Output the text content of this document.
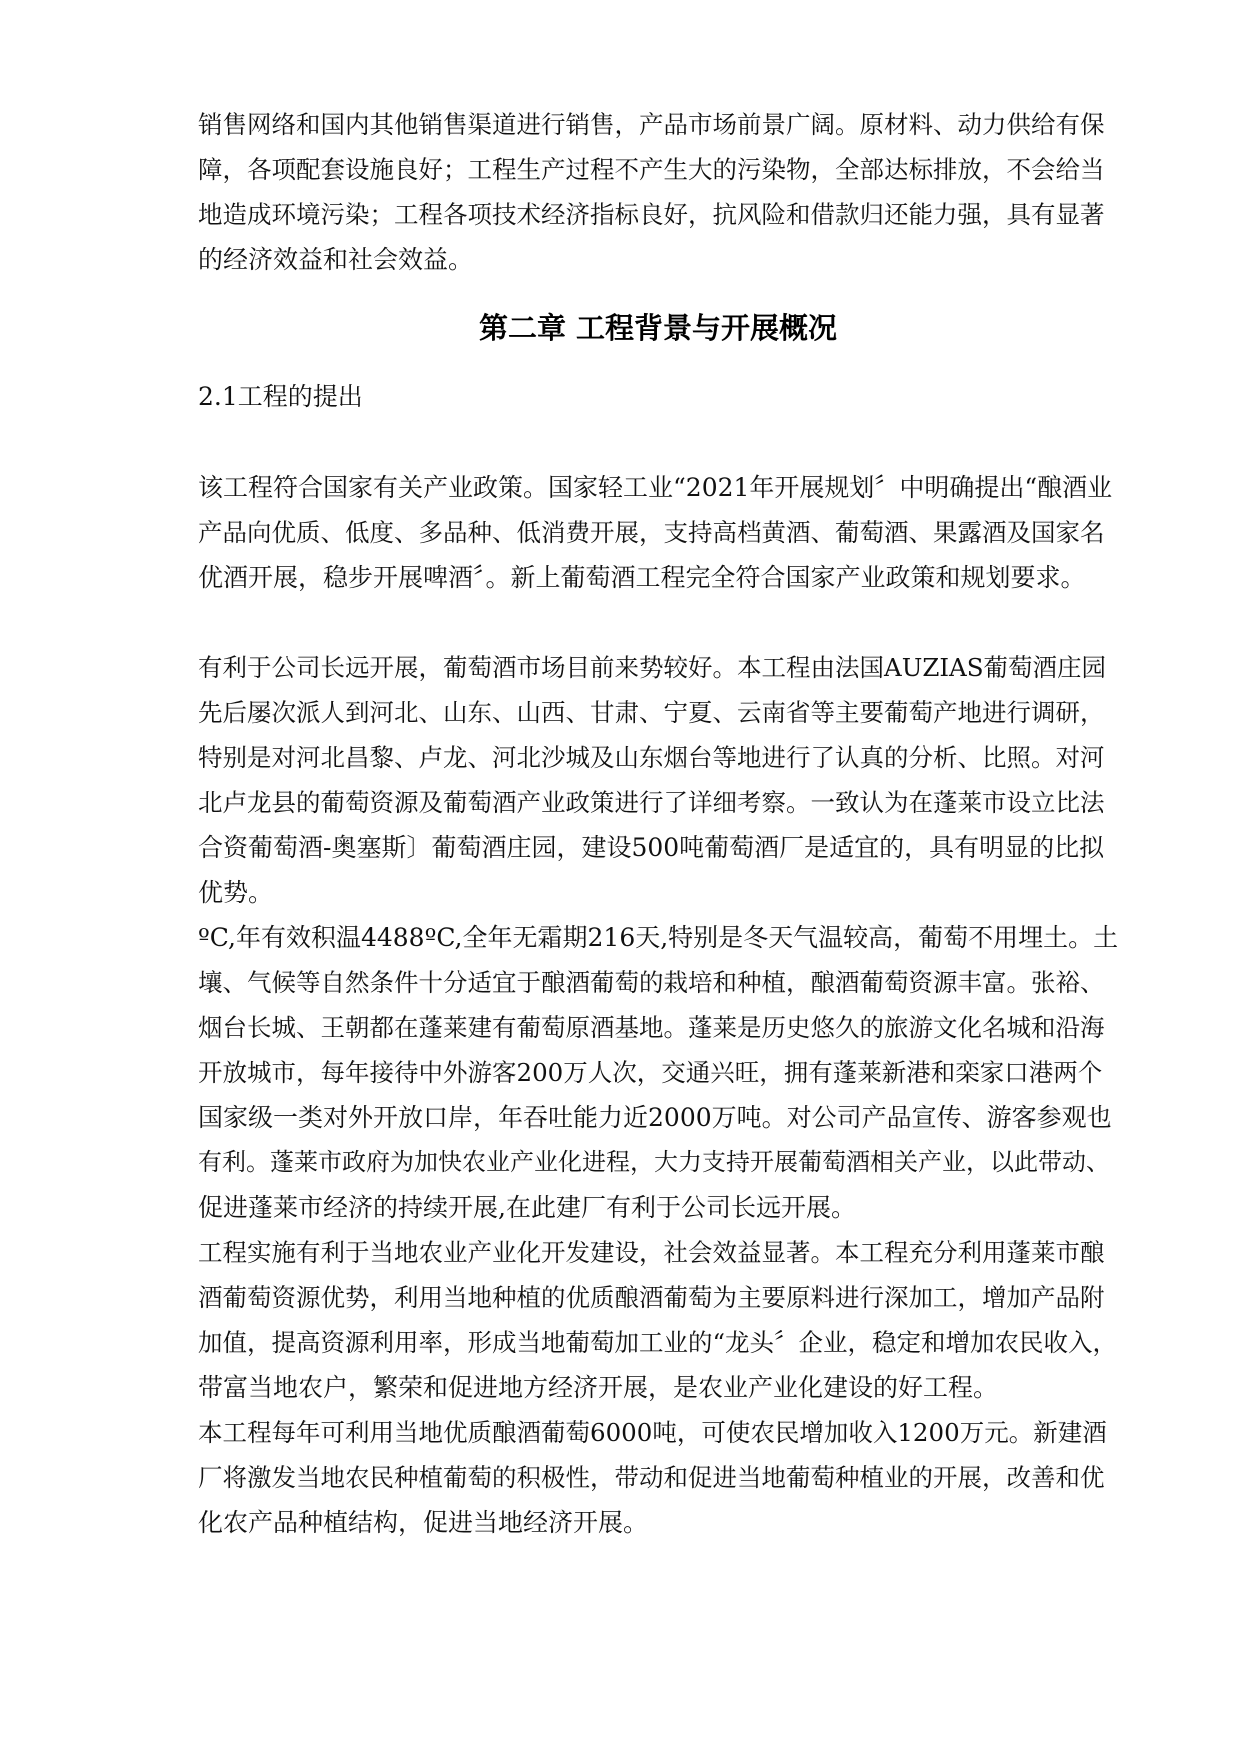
销售网络和国内其他销售渠道进行销售，产品市场前景广阔。原材料、动力供给有保
障，各项配套设施良好；工程生产过程不产生大的污染物，全部达标排放，不会给当
地造成环境污染；工程各项技术经济指标良好，抗风险和借款归还能力强，具有显著
的经济效益和社会效益。
第二章 工程背景与开展概况
2.1工程的提出
该工程符合国家有关产业政策。国家轻工业“2021年开展规划〞中明确提出“酿酒业
产品向优质、低度、多品种、低消费开展，支持高档黄酒、葡萄酒、果露酒及国家名
优酒开展，稳步开展啤酒〞。新上葡萄酒工程完全符合国家产业政策和规划要求。
有利于公司长远开展，葡萄酒市场目前来势较好。本工程由法国AUZIAS葡萄酒庄园
先后屡次派人到河北、山东、山西、甘肃、宁夏、云南省等主要葡萄产地进行调研，
特别是对河北昌黎、卢龙、河北沙城及山东烟台等地进行了认真的分析、比照。对河
北卢龙县的葡萄资源及葡萄酒产业政策进行了详细考察。一致认为在蓬莱市设立比法
合资葡萄酒-奥塞斯〕葡萄酒庄园，建设500吨葡萄酒厂是适宜的，具有明显的比拟
优势。
ºC,年有效积温4488ºC,全年无霜期216天,特别是冬天气温较高，葡萄不用埋土。土
壤、气候等自然条件十分适宜于酿酒葡萄的栽培和种植，酿酒葡萄资源丰富。张裕、
烟台长城、王朝都在蓬莱建有葡萄原酒基地。蓬莱是历史悠久的旅游文化名城和沿海
开放城市，每年接待中外游客200万人次，交通兴旺，拥有蓬莱新港和栾家口港两个
国家级一类对外开放口岸，年吞吐能力近2000万吨。对公司产品宣传、游客参观也
有利。蓬莱市政府为加快农业产业化进程，大力支持开展葡萄酒相关产业，以此带动、
促进蓬莱市经济的持续开展,在此建厂有利于公司长远开展。
工程实施有利于当地农业产业化开发建设，社会效益显著。本工程充分利用蓬莱市酿
酒葡萄资源优势，利用当地种植的优质酿酒葡萄为主要原料进行深加工，增加产品附
加值，提高资源利用率，形成当地葡萄加工业的“龙头〞企业，稳定和增加农民收入，
带富当地农户，繁荣和促进地方经济开展，是农业产业化建设的好工程。
本工程每年可利用当地优质酿酒葡萄6000吨，可使农民增加收入1200万元。新建酒
厂将激发当地农民种植葡萄的积极性，带动和促进当地葡萄种植业的开展，改善和优
化农产品种植结构，促进当地经济开展。
